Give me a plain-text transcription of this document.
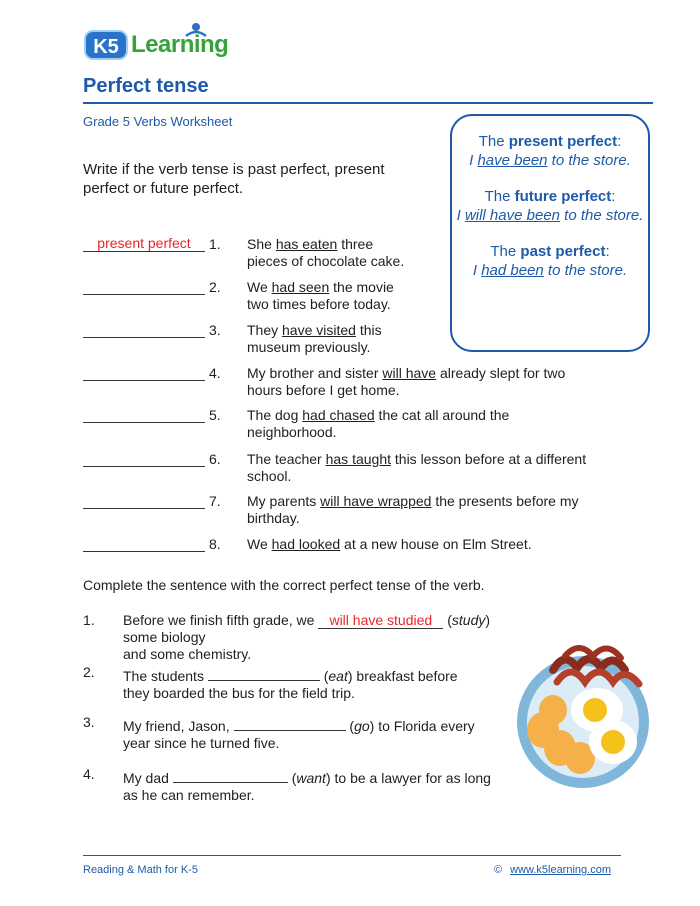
K5 Learning
Perfect tense
Grade 5 Verbs Worksheet
Write if the verb tense is past perfect, present perfect or future perfect.
The present perfect:
I have been to the store.
The future perfect:
I will have been to the store.
The past perfect:
I had been to the store.
present perfect	1. She has eaten three
pieces of chocolate cake.
2. We had seen the movie
two times before today.
3. They have visited this
museum previously.
4. My brother and sister will have already slept for two
hours before I get home.
5. The dog had chased the cat all around the
neighborhood.
6. The teacher has taught this lesson before at a different
school.
7. My parents will have wrapped the presents before my
birthday.
8. We had looked at a new house on Elm Street.
Complete the sentence with the correct perfect tense of the verb.
1. Before we finish fifth grade, we will have studied (study) some biology
and some chemistry.
2. The students	(eat) breakfast before
they boarded the bus for the field trip.
3. My friend, Jason,	(go) to Florida every
year since he turned five.
4. My dad	(want) to be a lawyer for as long
as he can remember.
Reading & Math for K-5	© www.k5learning.com
